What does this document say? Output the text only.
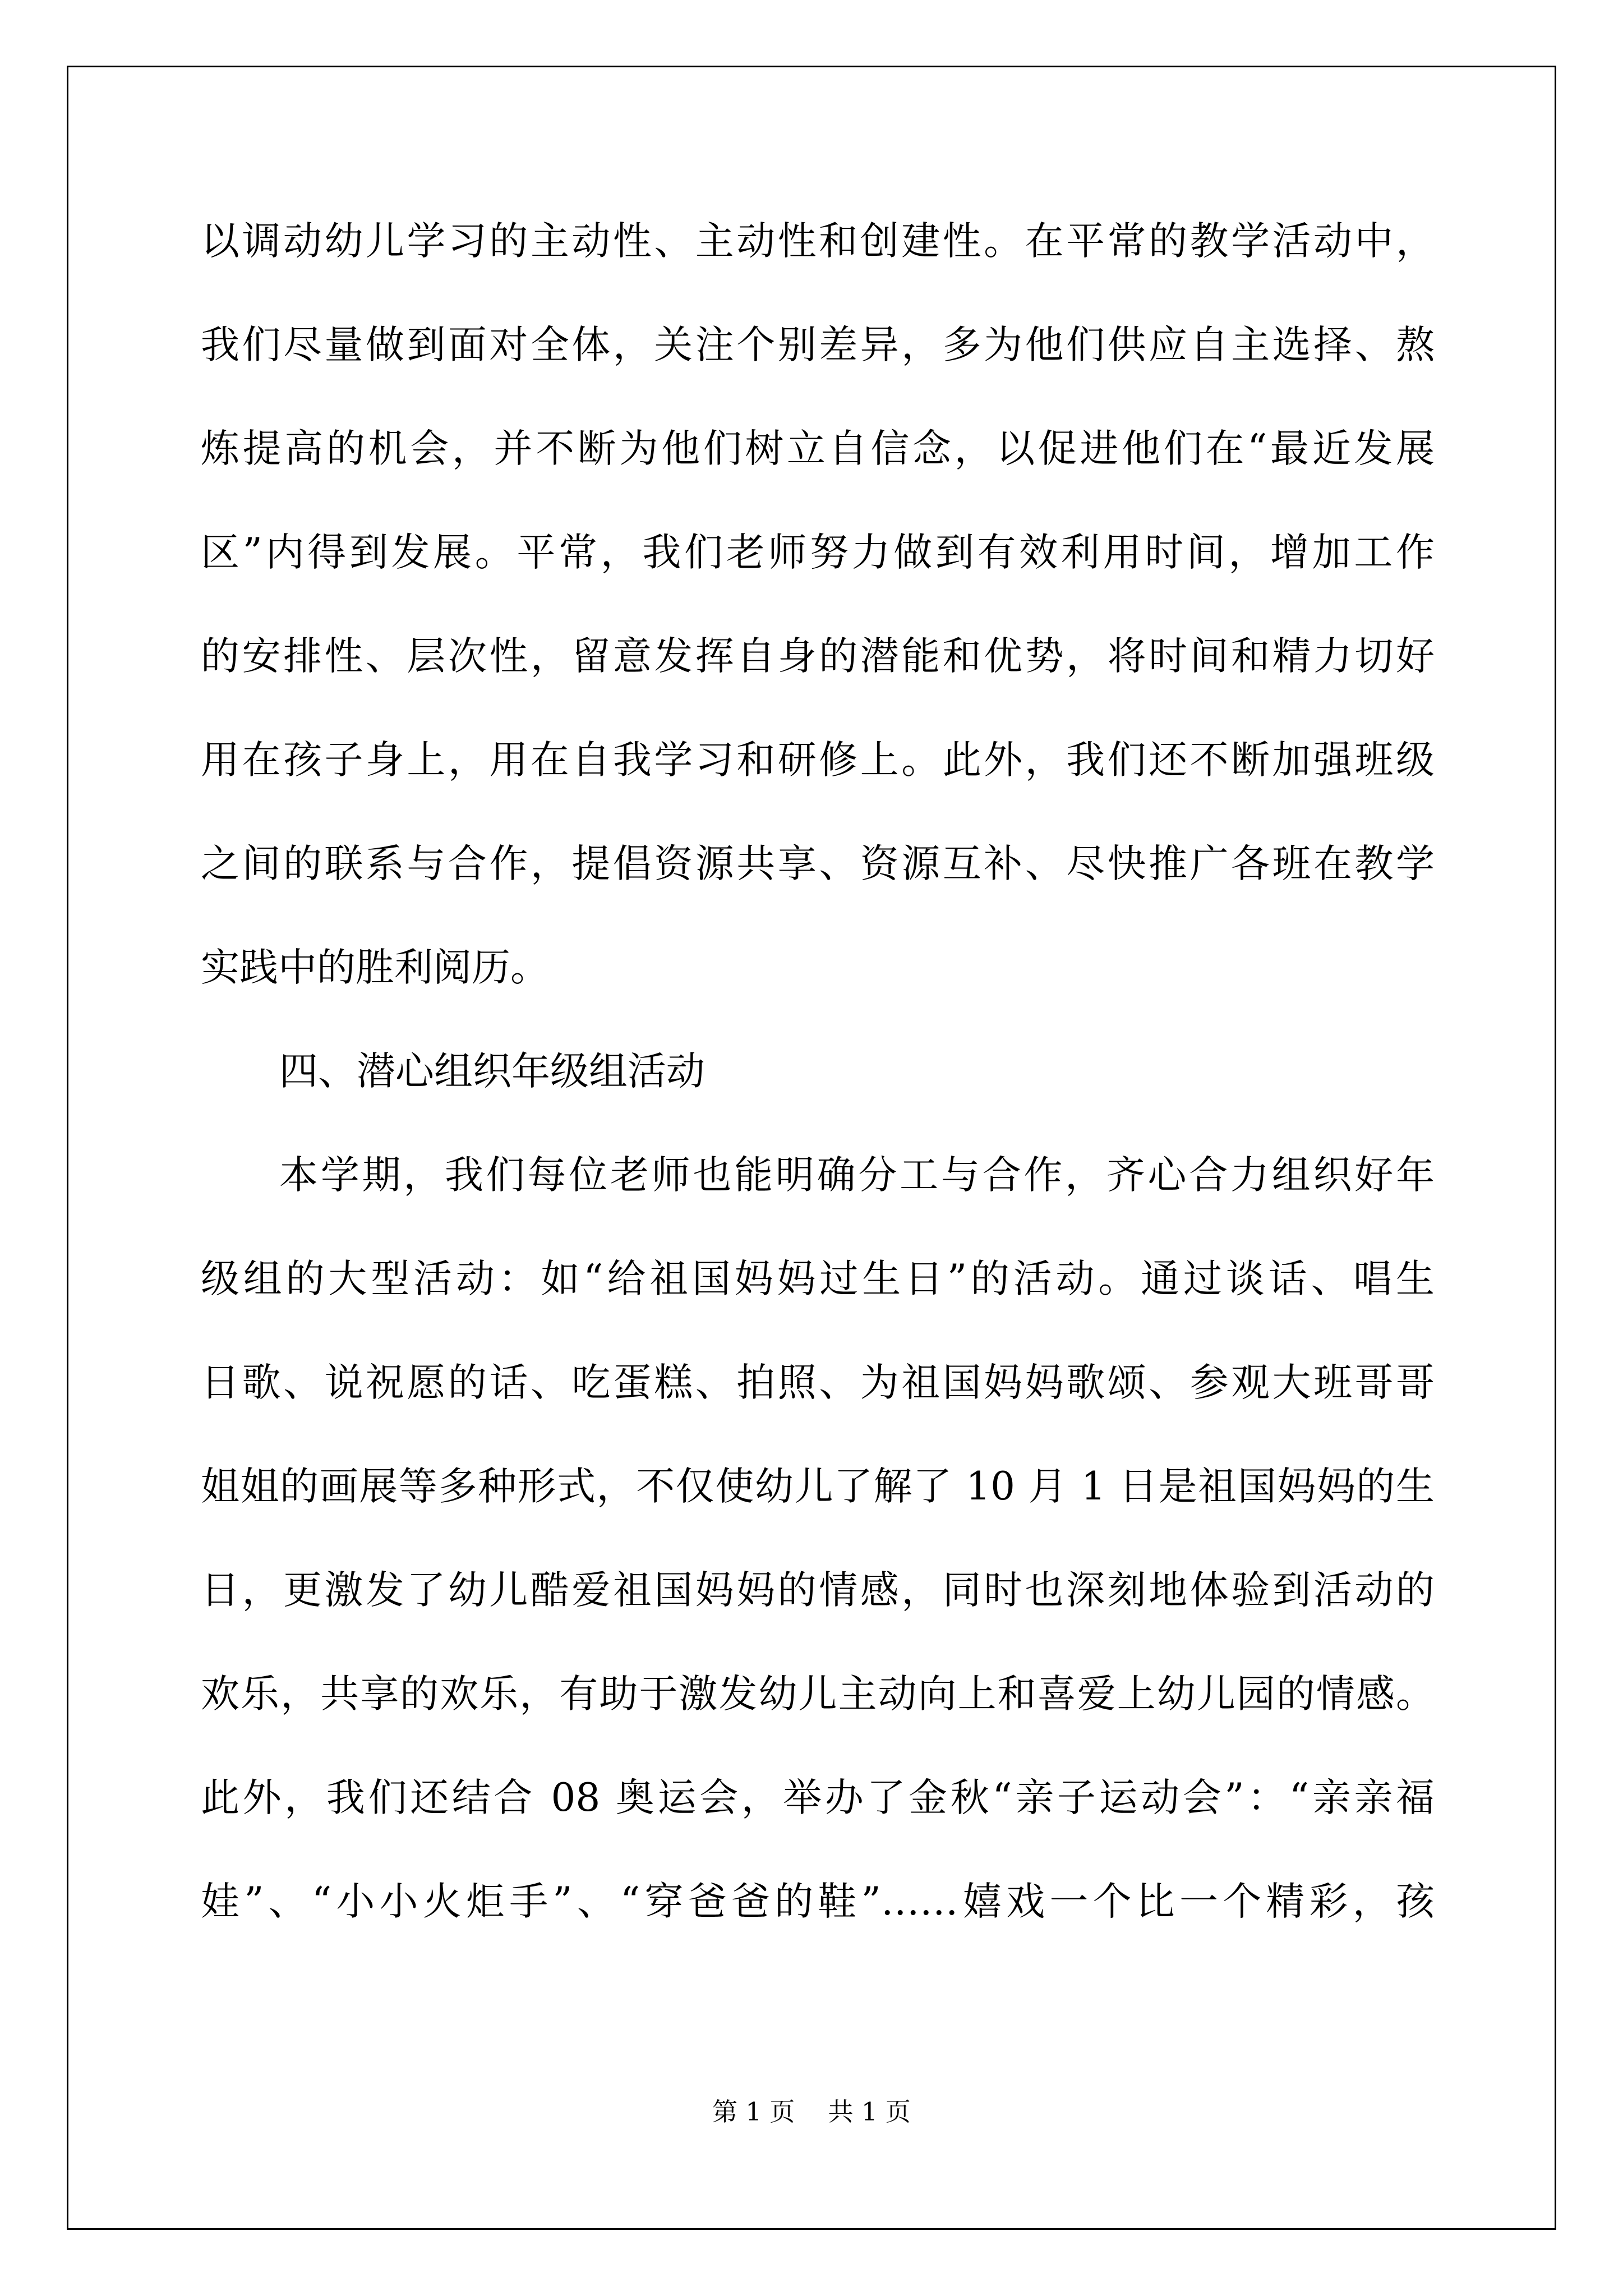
以调动幼儿学习的主动性、主动性和创建性。在平常的教学活动中，
我们尽量做到面对全体，关注个别差异，多为他们供应自主选择、熬
炼提高的机会，并不断为他们树立自信念，以促进他们在“最近发展
区”内得到发展。平常，我们老师努力做到有效利用时间，增加工作
的安排性、层次性，留意发挥自身的潜能和优势，将时间和精力切好
用在孩子身上，用在自我学习和研修上。此外，我们还不断加强班级
之间的联系与合作，提倡资源共享、资源互补、尽快推广各班在教学
实践中的胜利阅历。
四、潜心组织年级组活动
本学期，我们每位老师也能明确分工与合作，齐心合力组织好年
级组的大型活动：如“给祖国妈妈过生日”的活动。通过谈话、唱生
日歌、说祝愿的话、吃蛋糕、拍照、为祖国妈妈歌颂、参观大班哥哥
姐姐的画展等多种形式，不仅使幼儿了解了 10 月 1 日是祖国妈妈的生
日，更激发了幼儿酷爱祖国妈妈的情感，同时也深刻地体验到活动的
欢乐，共享的欢乐，有助于激发幼儿主动向上和喜爱上幼儿园的情感。
此外，我们还结合 08 奥运会，举办了金秋“亲子运动会”：“亲亲福
娃”、“小小火炬手”、“穿爸爸的鞋”……嬉戏一个比一个精彩，孩
第 1 页 共 1 页
